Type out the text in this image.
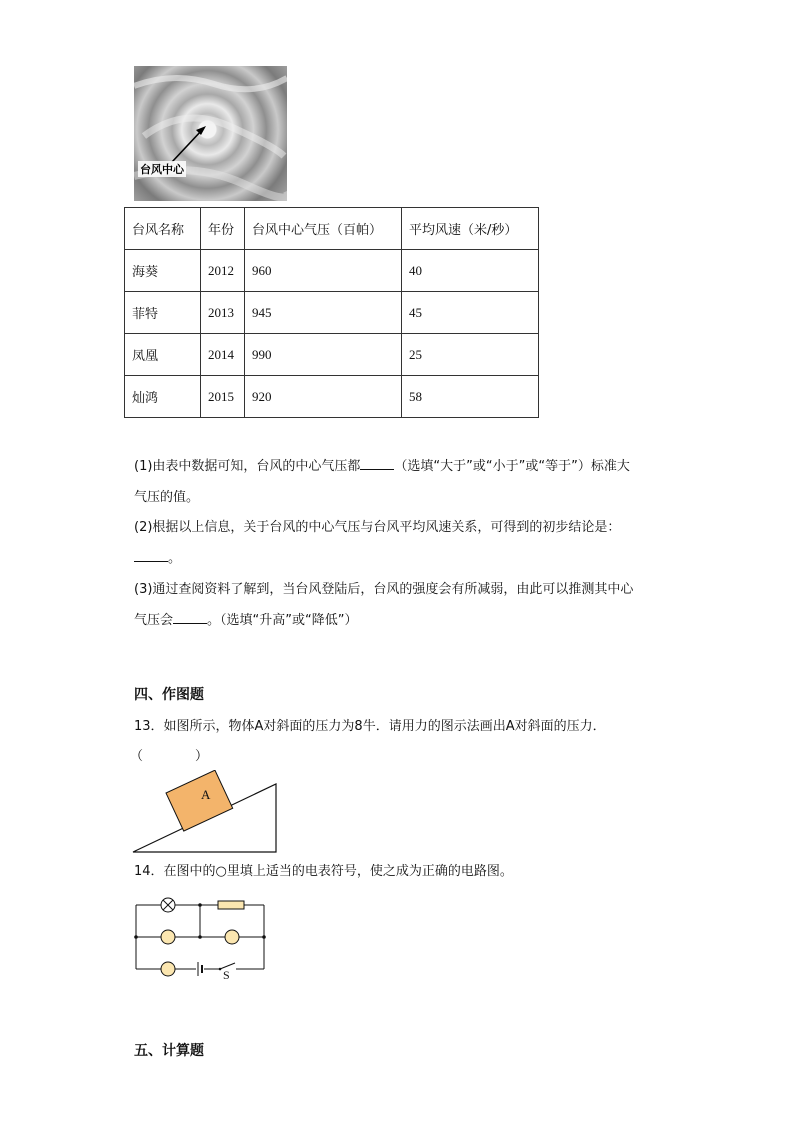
台风中心
台风名称	年份	台风中心气压（百帕）	平均风速（米/秒）
海葵	2012	960	40
菲特	2013	945	45
凤凰	2014	990	25
灿鸿	2015	920	58
(1)由表中数据可知，台风的中心气压都	（选填“大于”或“小于”或“等于”）标准大
气压的值。
(2)根据以上信息，关于台风的中心气压与台风平均风速关系，可得到的初步结论是：
。
(3)通过查阅资料了解到，当台风登陆后，台风的强度会有所减弱，由此可以推测其中心
气压会	。（选填“升高”或“降低”）
四、作图题
13．如图所示，物体A对斜面的压力为8牛．请用力的图示法画出A对斜面的压力．
（　　　　）
A
14．在图中的○里填上适当的电表符号，使之成为正确的电路图。
S
五、计算题
